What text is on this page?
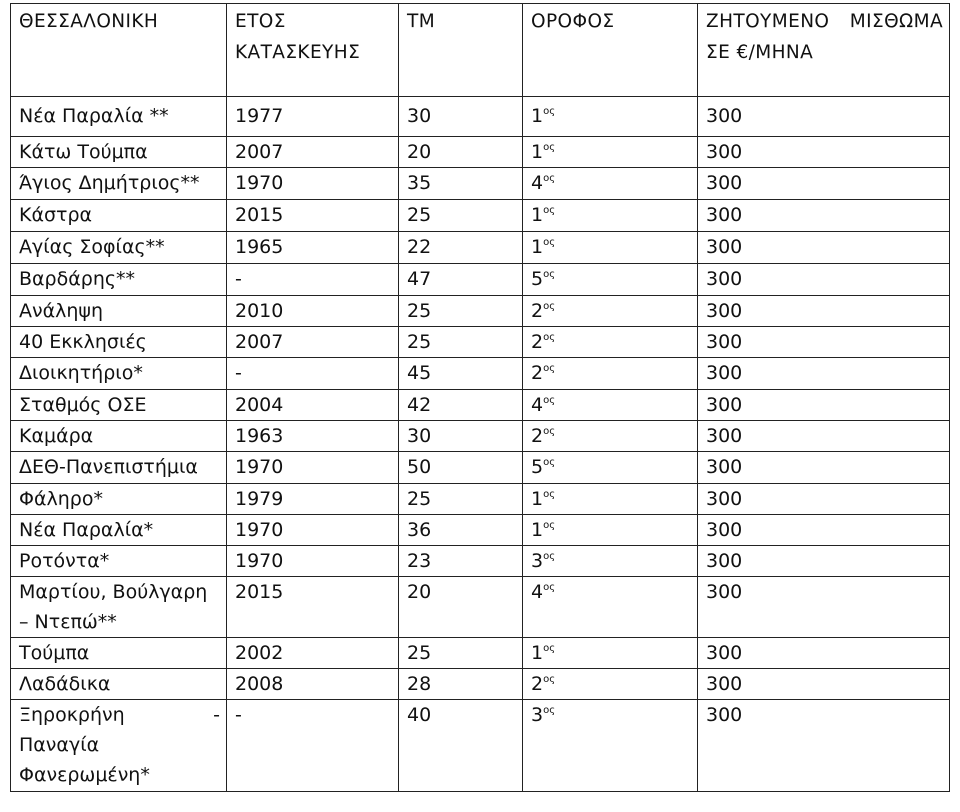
ΘΕΣΣΑΛΟΝΙΚΗ	ΕΤΟΣ ΚΑΤΑΣΚΕΥΗΣ	ΤΜ	ΟΡΟΦΟΣ	ΖΗΤΟΥΜΕΝΟ ΜΙΣΘΩΜΑ ΣΕ €/ΜΗΝΑ
Νέα Παραλία **	1977	30	$1^{o\varsigma}$	300
Κάτω Τούμπα	2007	20	$1^{o\varsigma}$	300
Άγιος Δημήτριος**	1970	35	$4^{o\varsigma}$	300
Κάστρα	2015	25	$1^{o\varsigma}$	300
Αγίας Σοφίας**	1965	22	$1^{o\varsigma}$	300
Βαρδάρης**	-	47	$5^{o\varsigma}$	300
Ανάληψη	2010	25	$2^{o\varsigma}$	300
40 Εκκλησιές	2007	25	$2^{o\varsigma}$	300
Διοικητήριο*	-	45	$2^{o\varsigma}$	300
Σταθμός ΟΣΕ	2004	42	$4^{o\varsigma}$	300
Καμάρα	1963	30	$2^{o\varsigma}$	300
ΔΕΘ-Πανεπιστήμια	1970	50	$5^{o\varsigma}$	300
Φάληρο*	1979	25	$1^{o\varsigma}$	300
Νέα Παραλία*	1970	36	$1^{o\varsigma}$	300
Ροτόντα*	1970	23	$3^{o\varsigma}$	300
Μαρτίου, Βούλγαρη – Ντεπώ**	2015	20	$4^{o\varsigma}$	300
Τούμπα	2002	25	$1^{o\varsigma}$	300
Λαδάδικα	2008	28	$2^{o\varsigma}$	300
Ξηροκρήνη - Παναγία Φανερωμένη*	-	40	$3^{o\varsigma}$	300
